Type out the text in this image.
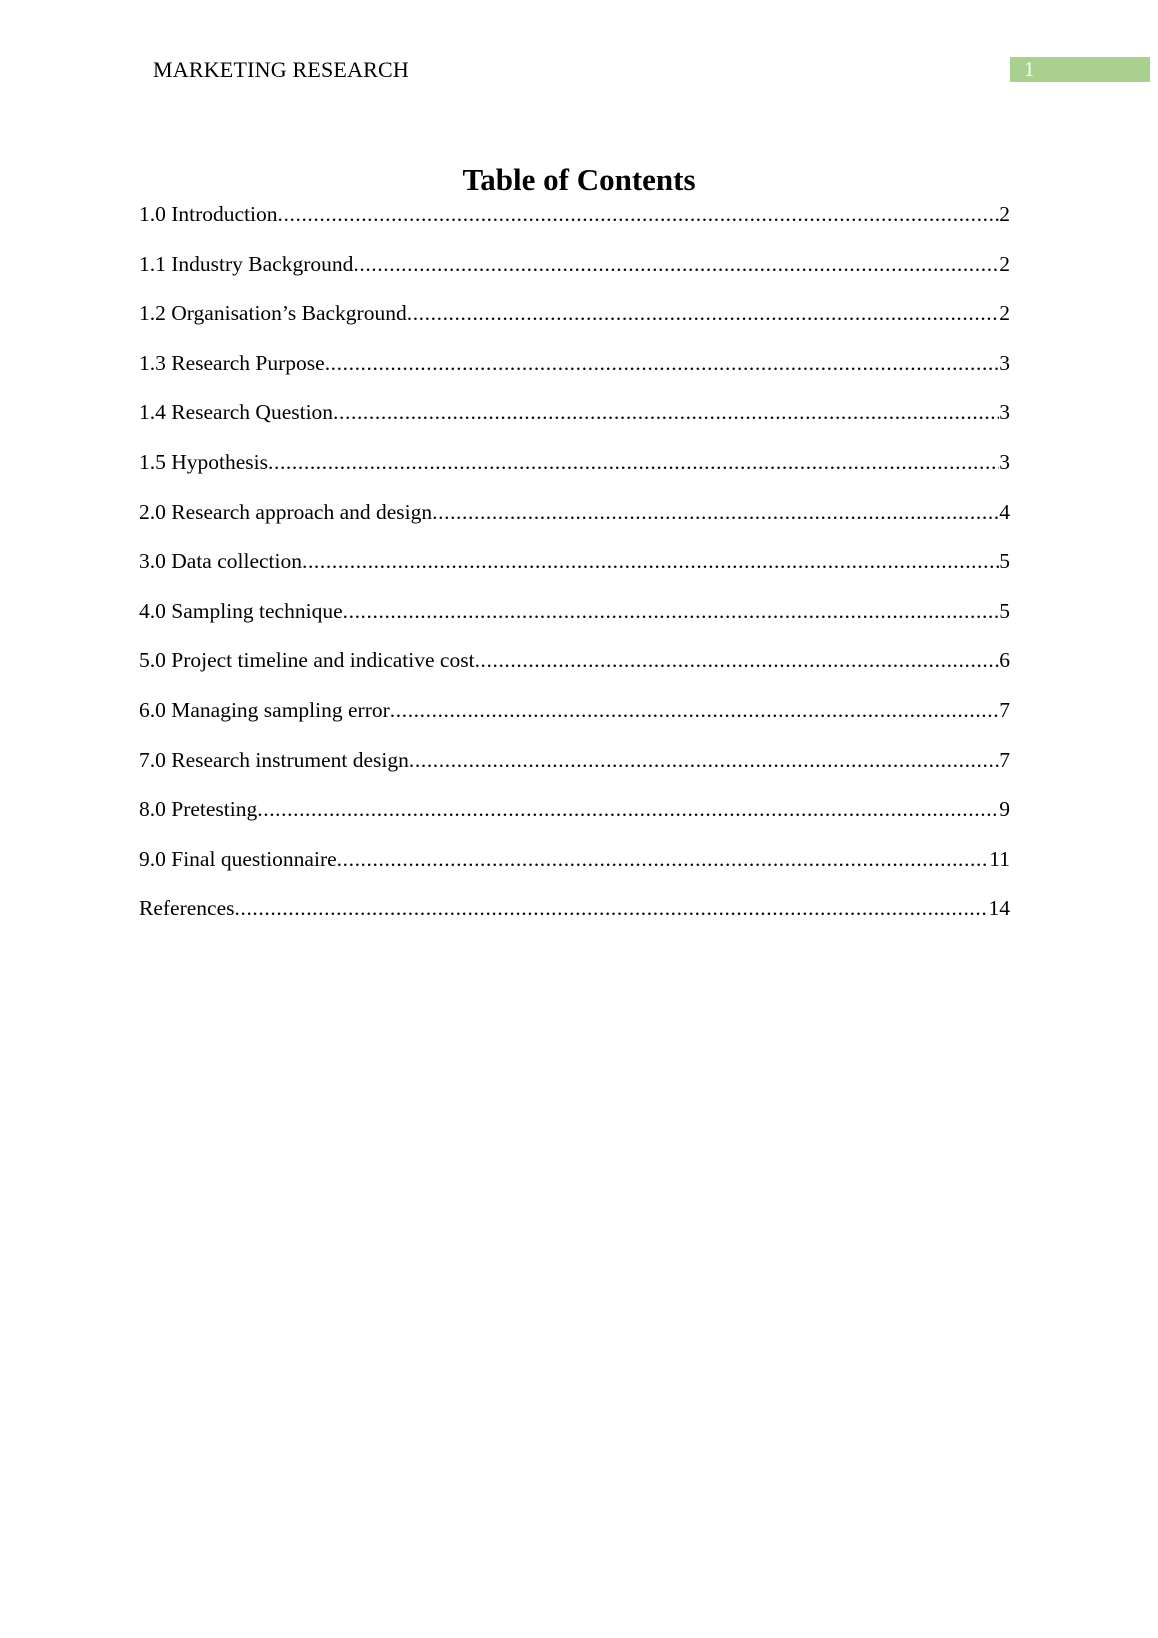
MARKETING RESEARCH	1
Table of Contents
1.0 Introduction .....	2
1.1 Industry Background .....	2
1.2 Organisation’s Background .....	2
1.3 Research Purpose .....	3
1.4 Research Question .....	3
1.5 Hypothesis .....	3
2.0 Research approach and design .....	4
3.0 Data collection .....	5
4.0 Sampling technique .....	5
5.0 Project timeline and indicative cost .....	6
6.0 Managing sampling error .....	7
7.0 Research instrument design .....	7
8.0 Pretesting .....	9
9.0 Final questionnaire .....	11
References .....	14
